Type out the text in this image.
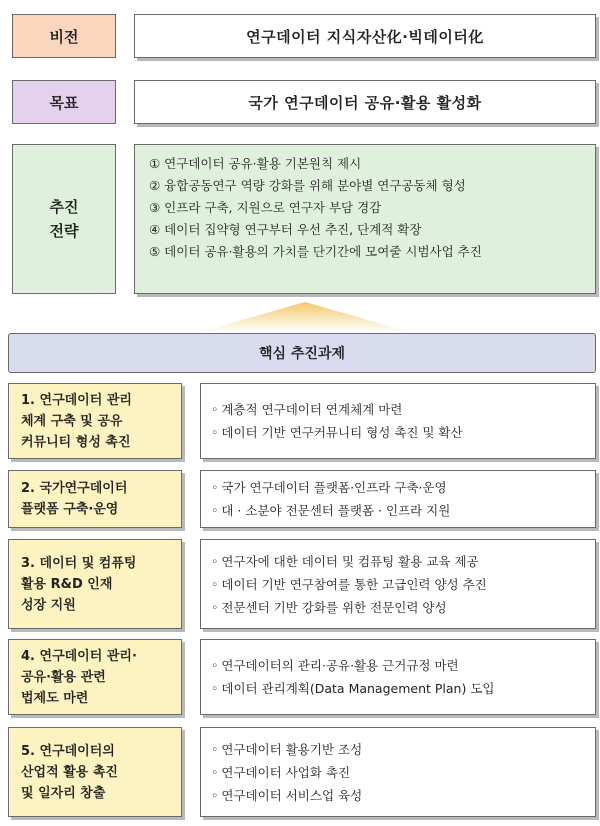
비전	연구데이터 지식자산化·빅데이터化
목표	국가 연구데이터 공유·활용 활성화
추진
전략
① 연구데이터 공유·활용 기본원칙 제시
② 융합공동연구 역량 강화를 위해 분야별 연구공동체 형성
③ 인프라 구축, 지원으로 연구자 부담 경감
④ 데이터 집약형 연구부터 우선 추진, 단계적 확장
⑤ 데이터 공유·활용의 가치를 단기간에 모여줄 시범사업 추진
핵심 추진과제
1. 연구데이터 관리
체계 구축 및 공유
커뮤니티 형성 촉진
◦ 계층적 연구데이터 연계체계 마련
◦ 데이터 기반 연구커뮤니티 형성 촉진 및 확산
2. 국가연구데이터
플랫폼 구축·운영
◦ 국가 연구데이터 플랫폼·인프라 구축·운영
◦ 대 · 소분야 전문센터 플랫폼 · 인프라 지원
3. 데이터 및 컴퓨팅
활용 R&D 인재
성장 지원
◦ 연구자에 대한 데이터 및 컴퓨팅 활용 교육 제공
◦ 데이터 기반 연구참여를 통한 고급인력 양성 추진
◦ 전문센터 기반 강화를 위한 전문인력 양성
4. 연구데이터 관리·
공유·활용 관련
법제도 마련
◦ 연구데이터의 관리·공유·활용 근거규정 마련
◦ 데이터 관리계획(Data Management Plan) 도입
5. 연구데이터의
산업적 활용 촉진
및 일자리 창출
◦ 연구데이터 활용기반 조성
◦ 연구데이터 사업화 촉진
◦ 연구데이터 서비스업 육성
